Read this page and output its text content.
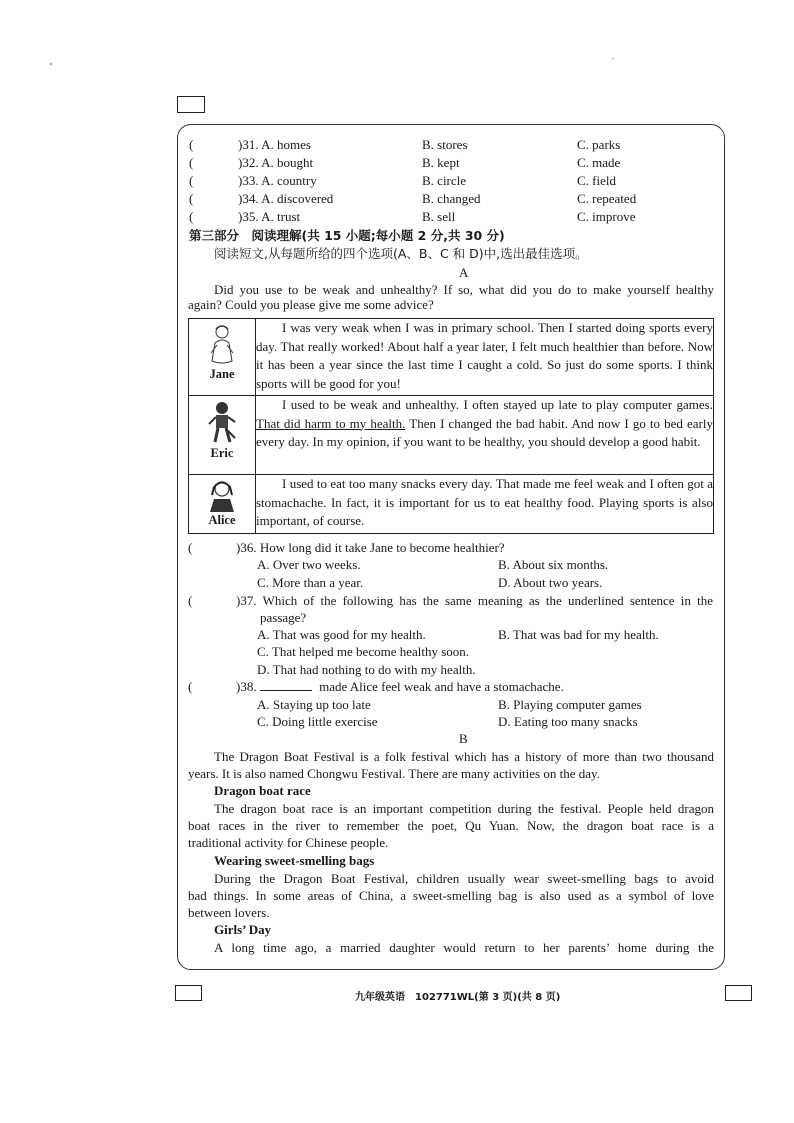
(	)31. A. homes	B. stores	C. parks
(	)32. A. bought	B. kept	C. made
(	)33. A. country	B. circle	C. field
(	)34. A. discovered	B. changed	C. repeated
(	)35. A. trust	B. sell	C. improve
第三部分　阅读理解(共 15 小题;每小题 2 分,共 30 分)
阅读短文,从每题所给的四个选项(A、B、C 和 D)中,选出最佳选项。
A
Did you use to be weak and unhealthy? If so, what did you do to make yourself healthy
again? Could you please give me some advice?
Jane	I was very weak when I was in primary school. Then I started doing sports every day. That really worked! About half a year later, I felt much healthier than before. Now it has been a year since the last time I caught a cold. So just do some sports. I think sports will be good for you!

Eric	I used to be weak and unhealthy. I often stayed up late to play computer games. That did harm to my health. Then I changed the bad habit. And now I go to bed early every day. In my opinion, if you want to be healthy, you should develop a good habit.

Alice	I used to eat too many snacks every day. That made me feel weak and I often got a stomachache. In fact, it is important for us to eat healthy food. Playing sports is also important, of course.
(	)36. How long did it take Jane to become healthier?
A. Over two weeks.	B. About six months.
C. More than a year.	D. About two years.
(	)37. Which of the following has the same meaning as the underlined sentence in the
passage?
A. That was good for my health.	B. That was bad for my health.
C. That helped me become healthy soon.
D. That had nothing to do with my health.
(	)38.	made Alice feel weak and have a stomachache.
A. Staying up too late	B. Playing computer games
C. Doing little exercise	D. Eating too many snacks
B
The Dragon Boat Festival is a folk festival which has a history of more than two thousand
years. It is also named Chongwu Festival. There are many activities on the day.
Dragon boat race
The dragon boat race is an important competition during the festival. People held dragon
boat races in the river to remember the poet, Qu Yuan. Now, the dragon boat race is a
traditional activity for Chinese people.
Wearing sweet-smelling bags
During the Dragon Boat Festival, children usually wear sweet-smelling bags to avoid
bad things. In some areas of China, a sweet-smelling bag is also used as a symbol of love
between lovers.
Girls’ Day
A long time ago, a married daughter would return to her parents’ home during the
九年级英语　102771WL(第 3 页)(共 8 页)
